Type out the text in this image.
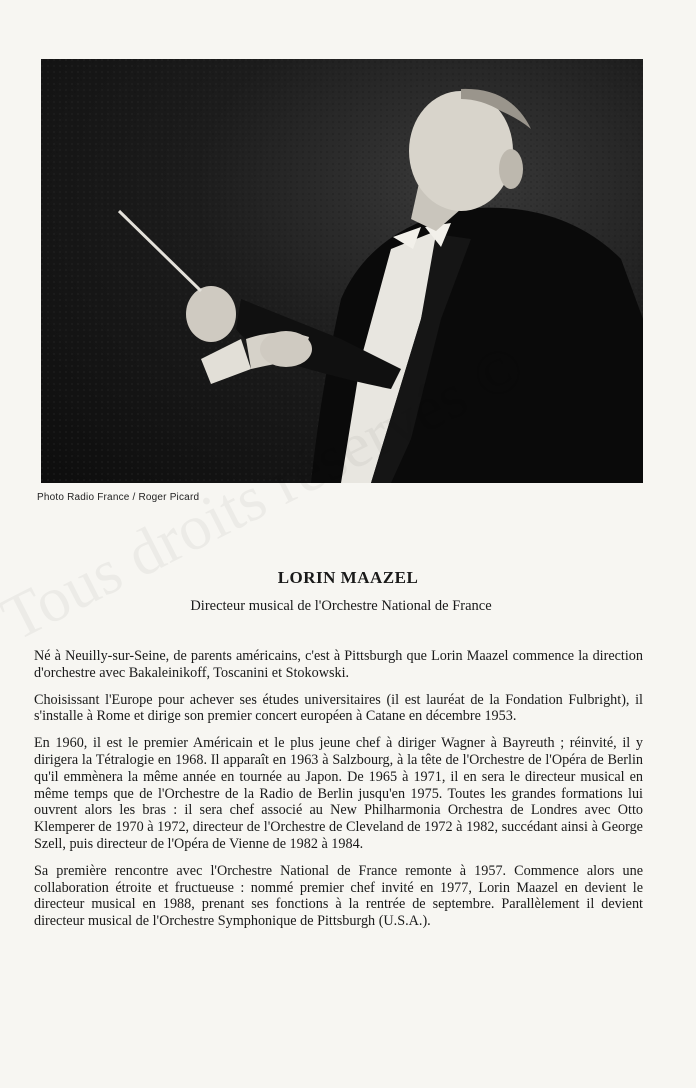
Photo Radio France / Roger Picard
LORIN MAAZEL
Directeur musical de l'Orchestre National de France

Né à Neuilly-sur-Seine, de parents américains, c'est à Pittsburgh que Lorin Maazel commence la direction d'orchestre avec Bakaleinikoff, Toscanini et Stokowski.

Choisissant l'Europe pour achever ses études universitaires (il est lauréat de la Fondation Fulbright), il s'installe à Rome et dirige son premier concert européen à Catane en décembre 1953.

En 1960, il est le premier Américain et le plus jeune chef à diriger Wagner à Bayreuth ; réinvité, il y dirigera la Tétralogie en 1968. Il apparaît en 1963 à Salzbourg, à la tête de l'Orchestre de l'Opéra de Berlin qu'il emmènera la même année en tournée au Japon. De 1965 à 1971, il en sera le directeur musical en même temps que de l'Orchestre de la Radio de Berlin jusqu'en 1975. Toutes les grandes formations lui ouvrent alors les bras : il sera chef associé au New Philharmonia Orchestra de Londres avec Otto Klemperer de 1970 à 1972, directeur de l'Orchestre de Cleveland de 1972 à 1982, succédant ainsi à George Szell, puis directeur de l'Opéra de Vienne de 1982 à 1984.

Sa première rencontre avec l'Orchestre National de France remonte à 1957. Commence alors une collaboration étroite et fructueuse : nommé premier chef invité en 1977, Lorin Maazel en devient le directeur musical en 1988, prenant ses fonctions à la rentrée de septembre. Parallèlement il devient directeur musical de l'Orchestre Symphonique de Pittsburgh (U.S.A.).
